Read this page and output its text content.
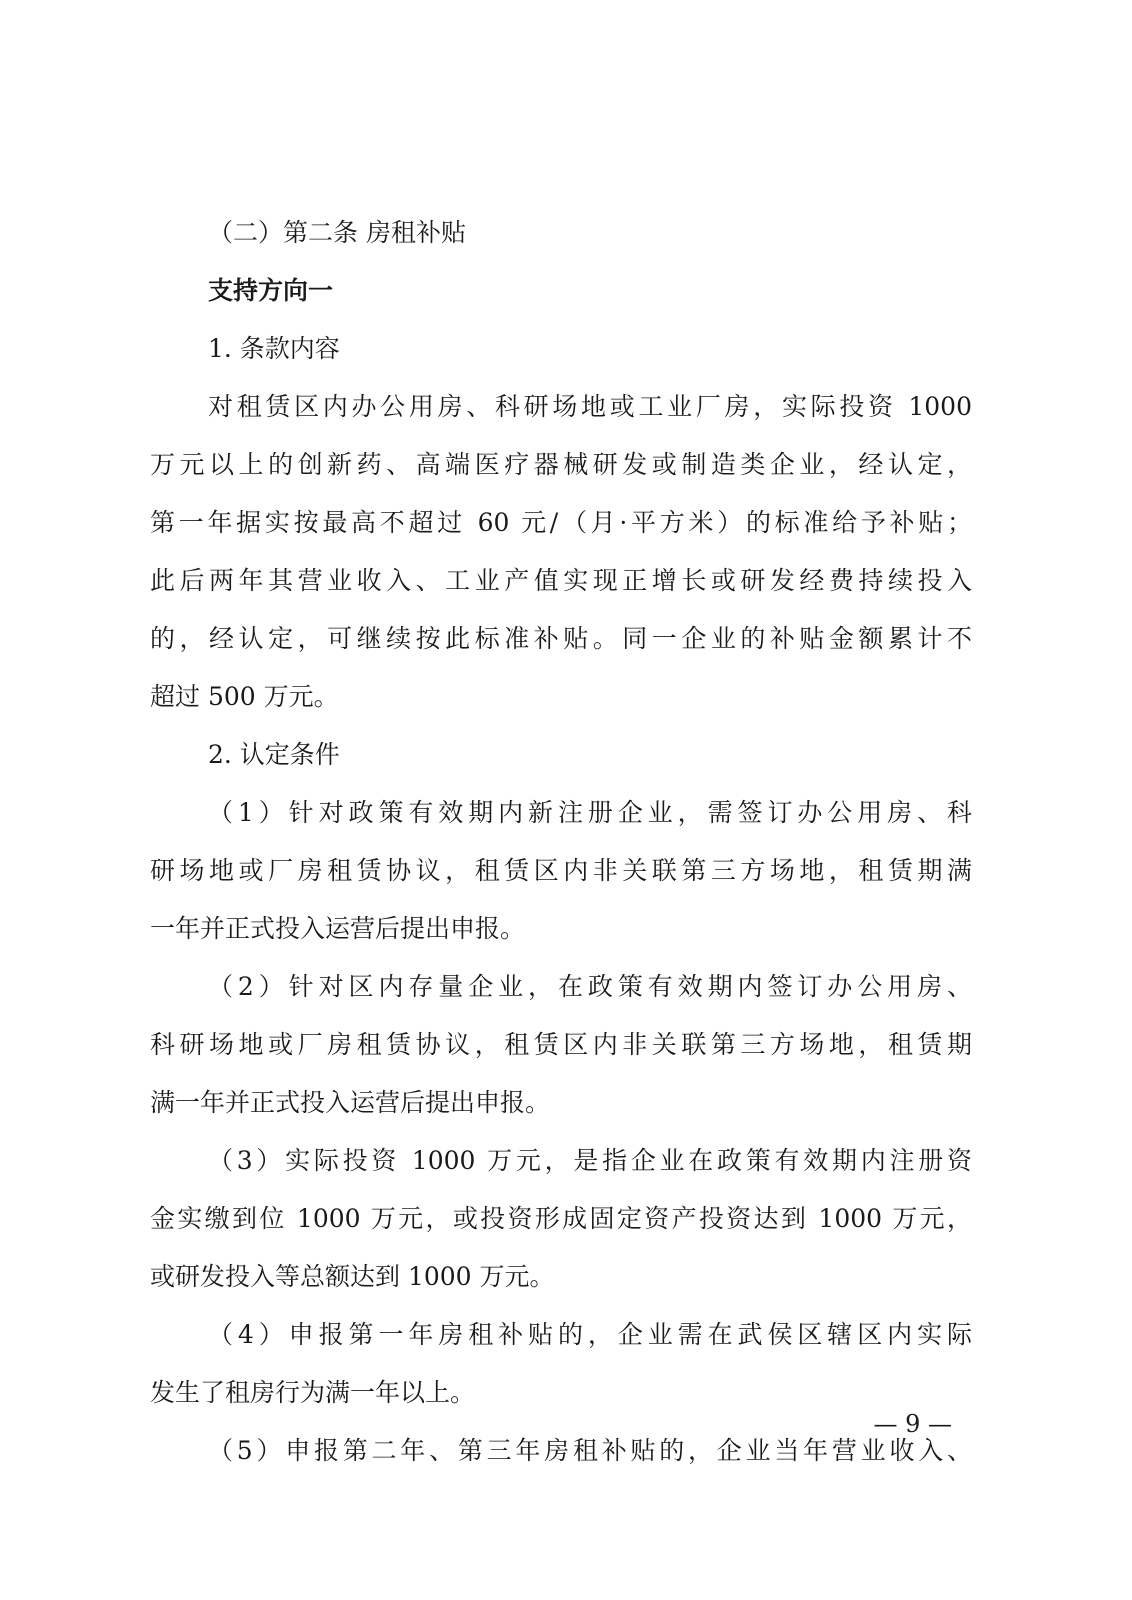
（二）第二条 房租补贴
支持方向一
1. 条款内容
对租赁区内办公用房、科研场地或工业厂房，实际投资 1000
万元以上的创新药、高端医疗器械研发或制造类企业，经认定，
第一年据实按最高不超过 60 元/（月·平方米）的标准给予补贴；
此后两年其营业收入、工业产值实现正增长或研发经费持续投入
的，经认定，可继续按此标准补贴。同一企业的补贴金额累计不
超过 500 万元。
2. 认定条件
（1）针对政策有效期内新注册企业，需签订办公用房、科
研场地或厂房租赁协议，租赁区内非关联第三方场地，租赁期满
一年并正式投入运营后提出申报。
（2）针对区内存量企业，在政策有效期内签订办公用房、
科研场地或厂房租赁协议，租赁区内非关联第三方场地，租赁期
满一年并正式投入运营后提出申报。
（3）实际投资 1000 万元，是指企业在政策有效期内注册资
金实缴到位 1000 万元，或投资形成固定资产投资达到 1000 万元，
或研发投入等总额达到 1000 万元。
（4）申报第一年房租补贴的，企业需在武侯区辖区内实际
发生了租房行为满一年以上。
（5）申报第二年、第三年房租补贴的，企业当年营业收入、
— 9 —
